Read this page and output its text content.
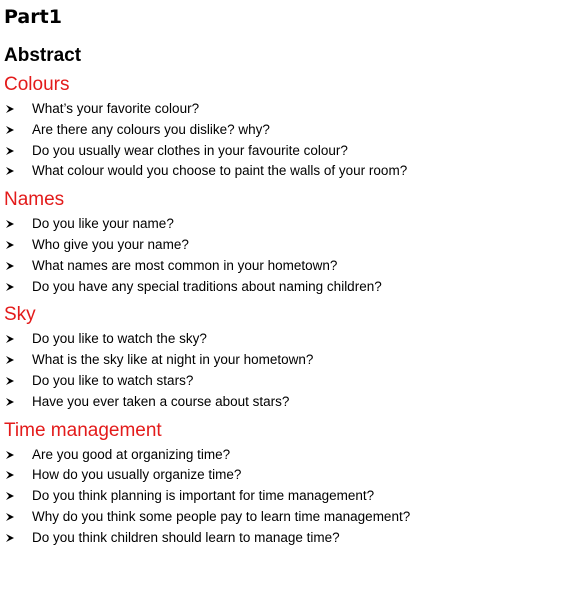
Part1
Abstract
Colours
What’s your favorite colour?
Are there any colours you dislike? why?
Do you usually wear clothes in your favourite colour?
What colour would you choose to paint the walls of your room?
Names
Do you like your name?
Who give you your name?
What names are most common in your hometown?
Do you have any special traditions about naming children?
Sky
Do you like to watch the sky?
What is the sky like at night in your hometown?
Do you like to watch stars?
Have you ever taken a course about stars?
Time management
Are you good at organizing time?
How do you usually organize time?
Do you think planning is important for time management?
Why do you think some people pay to learn time management?
Do you think children should learn to manage time?
